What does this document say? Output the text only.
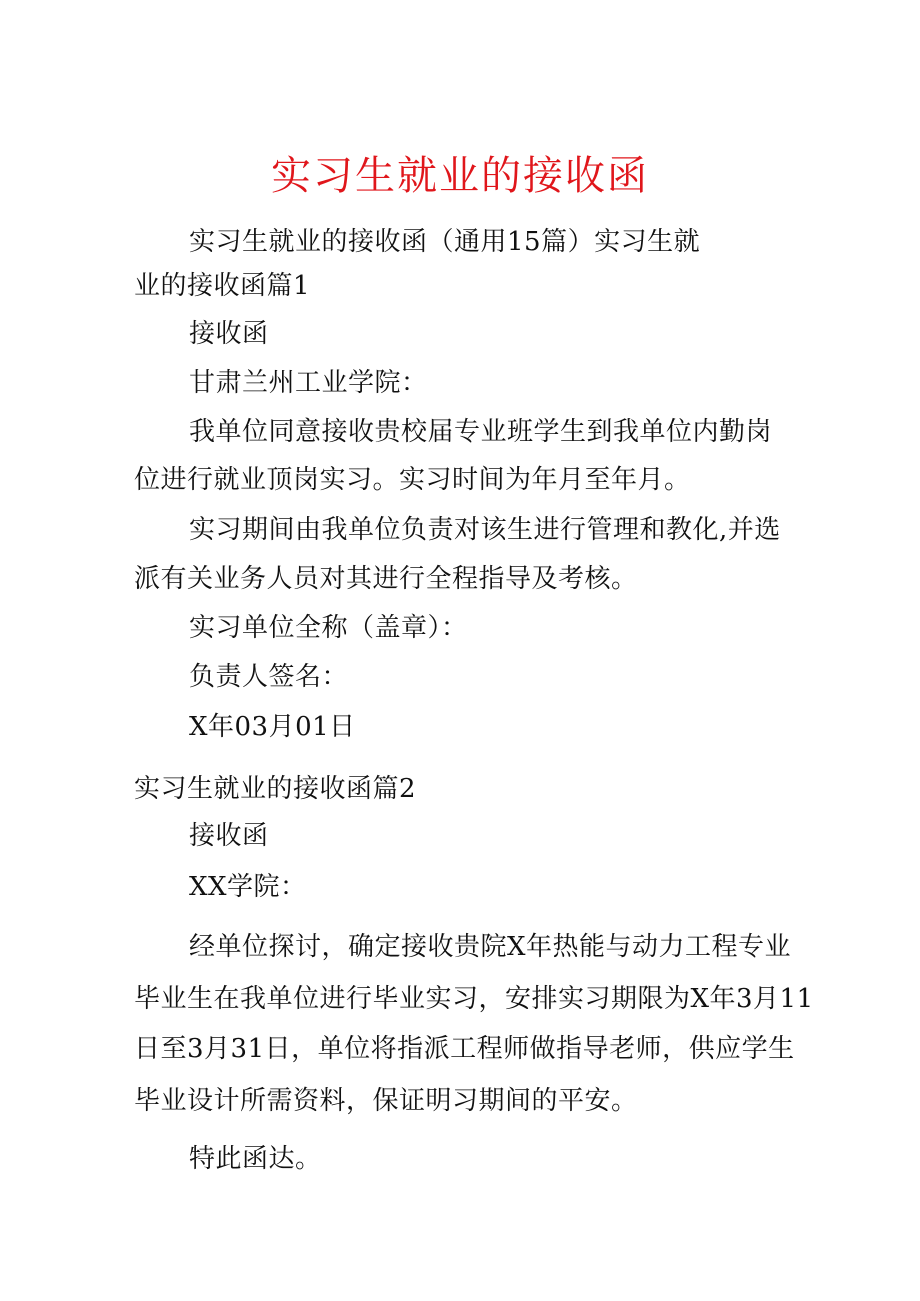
实习生就业的接收函
实习生就业的接收函（通用15篇）实习生就
业的接收函篇1
接收函
甘肃兰州工业学院：
我单位同意接收贵校届专业班学生到我单位内勤岗
位进行就业顶岗实习。实习时间为年月至年月。
实习期间由我单位负责对该生进行管理和教化,并选
派有关业务人员对其进行全程指导及考核。
实习单位全称（盖章）：
负责人签名：
X年03月01日
实习生就业的接收函篇2
接收函
XX学院：
经单位探讨，确定接收贵院X年热能与动力工程专业
毕业生在我单位进行毕业实习，安排实习期限为X年3月11
日至3月31日，单位将指派工程师做指导老师，供应学生
毕业设计所需资料，保证明习期间的平安。
特此函达。
